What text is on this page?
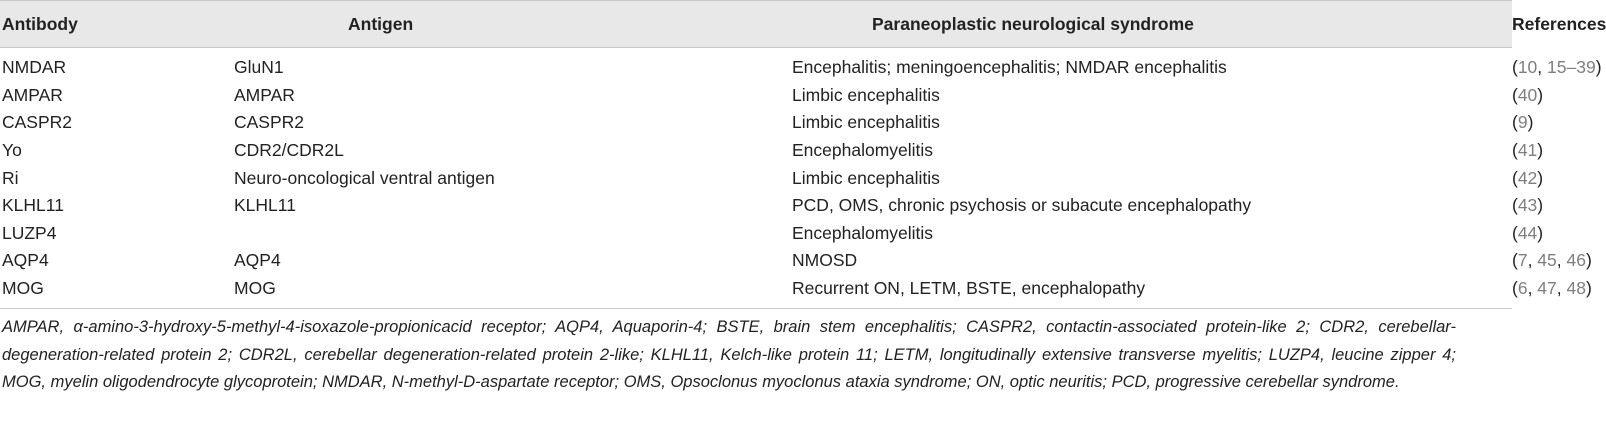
Antibody	Antigen	Paraneoplastic neurological syndrome	References
NMDAR	GluN1	Encephalitis; meningoencephalitis; NMDAR encephalitis	(10, 15–39)
AMPAR	AMPAR	Limbic encephalitis	(40)
CASPR2	CASPR2	Limbic encephalitis	(9)
Yo	CDR2/CDR2L	Encephalomyelitis	(41)
Ri	Neuro-oncological ventral antigen	Limbic encephalitis	(42)
KLHL11	KLHL11	PCD, OMS, chronic psychosis or subacute encephalopathy	(43)
LUZP4		Encephalomyelitis	(44)
AQP4	AQP4	NMOSD	(7, 45, 46)
MOG	MOG	Recurrent ON, LETM, BSTE, encephalopathy	(6, 47, 48)
AMPAR, α-amino-3-hydroxy-5-methyl-4-isoxazole-propionicacid receptor; AQP4, Aquaporin-4; BSTE, brain stem encephalitis; CASPR2, contactin-associated protein-like 2; CDR2, cerebellar-degeneration-related protein 2; CDR2L, cerebellar degeneration-related protein 2-like; KLHL11, Kelch-like protein 11; LETM, longitudinally extensive transverse myelitis; LUZP4, leucine zipper 4; MOG, myelin oligodendrocyte glycoprotein; NMDAR, N-methyl-D-aspartate receptor; OMS, Opsoclonus myoclonus ataxia syndrome; ON, optic neuritis; PCD, progressive cerebellar syndrome.
